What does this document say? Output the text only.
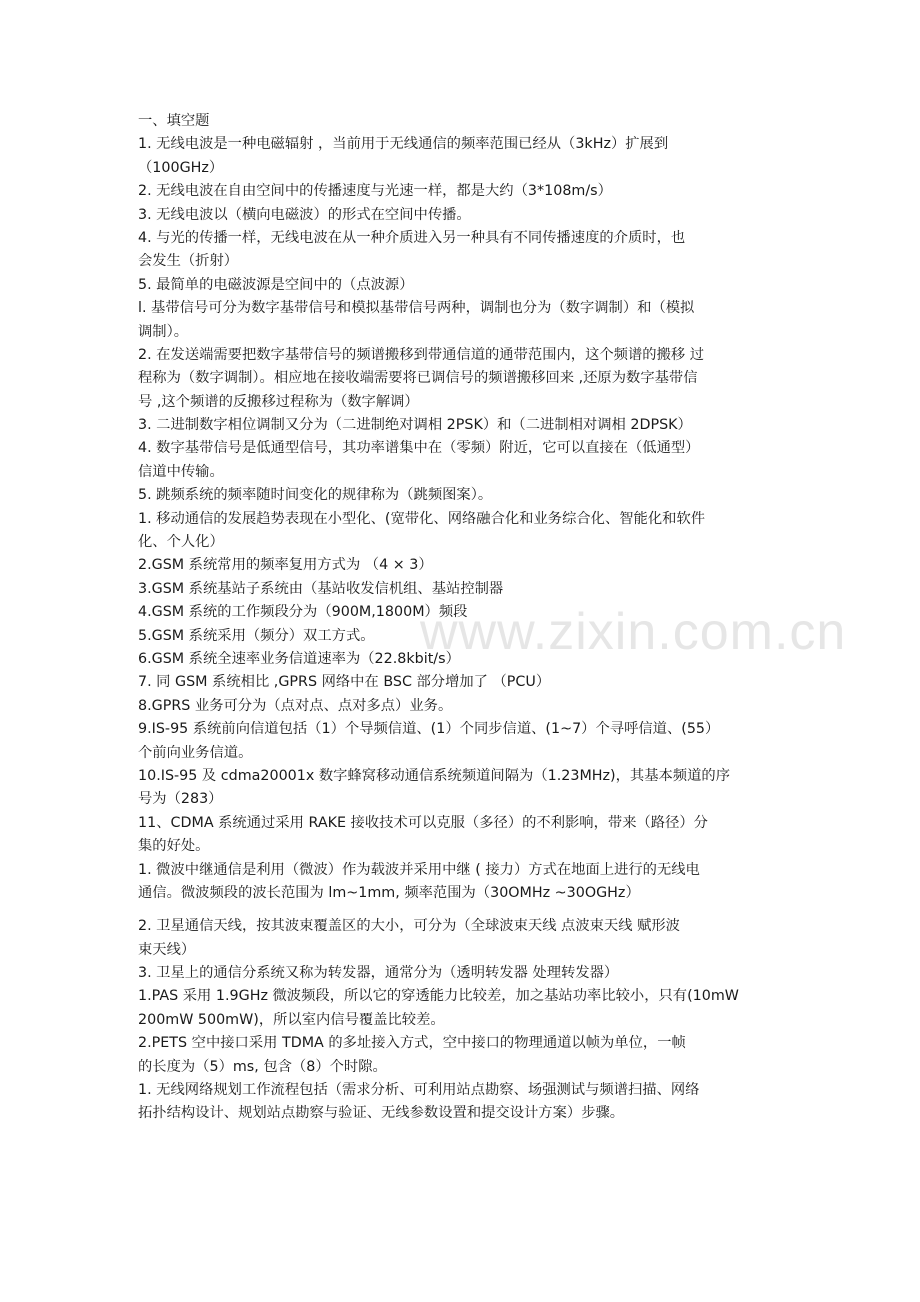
www.zixin.com.cn
一、填空题
1. 无线电波是一种电磁辐射 ，当前用于无线通信的频率范围已经从（3kHz）扩展到
（100GHz）
2. 无线电波在自由空间中的传播速度与光速一样，都是大约（3*108m/s）
3. 无线电波以（横向电磁波）的形式在空间中传播。
4. 与光的传播一样，无线电波在从一种介质进入另一种具有不同传播速度的介质时，也
会发生（折射）
5. 最简单的电磁波源是空间中的（点波源）
l. 基带信号可分为数字基带信号和模拟基带信号两种，调制也分为（数字调制）和（模拟
调制）。
2. 在发送端需要把数字基带信号的频谱搬移到带通信道的通带范围内，这个频谱的搬移 过
程称为（数字调制）。相应地在接收端需要将已调信号的频谱搬移回来 ,还原为数字基带信
号 ,这个频谱的反搬移过程称为（数字解调）
3. 二进制数字相位调制又分为（二进制绝对调相 2PSK）和（二进制相对调相 2DPSK）
4. 数字基带信号是低通型信号，其功率谱集中在（零频）附近，它可以直接在（低通型）
信道中传输。
5. 跳频系统的频率随时间变化的规律称为（跳频图案）。
1. 移动通信的发展趋势表现在小型化、(宽带化、网络融合化和业务综合化、智能化和软件
化、个人化）
2.GSM 系统常用的频率复用方式为 （4 × 3）
3.GSM 系统基站子系统由（基站收发信机组、基站控制器
4.GSM 系统的工作频段分为（900M,1800M）频段
5.GSM 系统采用（频分）双工方式。
6.GSM 系统全速率业务信道速率为（22.8kbit/s）
7. 同 GSM 系统相比 ,GPRS 网络中在 BSC 部分增加了 （PCU）
8.GPRS 业务可分为（点对点、点对多点）业务。
9.IS-95 系统前向信道包括（1）个导频信道、(1）个同步信道、(1~7）个寻呼信道、(55）
个前向业务信道。
10.IS-95 及 cdma20001x 数字蜂窝移动通信系统频道间隔为（1.23MHz)，其基本频道的序
号为（283）
11、CDMA 系统通过采用 RAKE 接收技术可以克服（多径）的不利影响，带来（路径）分
集的好处。
1. 微波中继通信是利用（微波）作为载波并采用中继 ( 接力）方式在地面上进行的无线电
通信。微波频段的波长范围为 lm~1mm, 频率范围为（30OMHz ~30OGHz）
2. 卫星通信天线，按其波束覆盖区的大小，可分为（全球波束天线 点波束天线 赋形波
束天线）
3. 卫星上的通信分系统又称为转发器，通常分为（透明转发器 处理转发器）
1.PAS 采用 1.9GHz 微波频段，所以它的穿透能力比较差，加之基站功率比较小，只有(10mW
200mW 500mW)，所以室内信号覆盖比较差。
2.PETS 空中接口采用 TDMA 的多址接入方式，空中接口的物理通道以帧为单位，一帧
的长度为（5）ms, 包含（8）个时隙。
1. 无线网络规划工作流程包括（需求分析、可利用站点勘察、场强测试与频谱扫描、网络
拓扑结构设计、规划站点勘察与验证、无线参数设置和提交设计方案）步骤。
